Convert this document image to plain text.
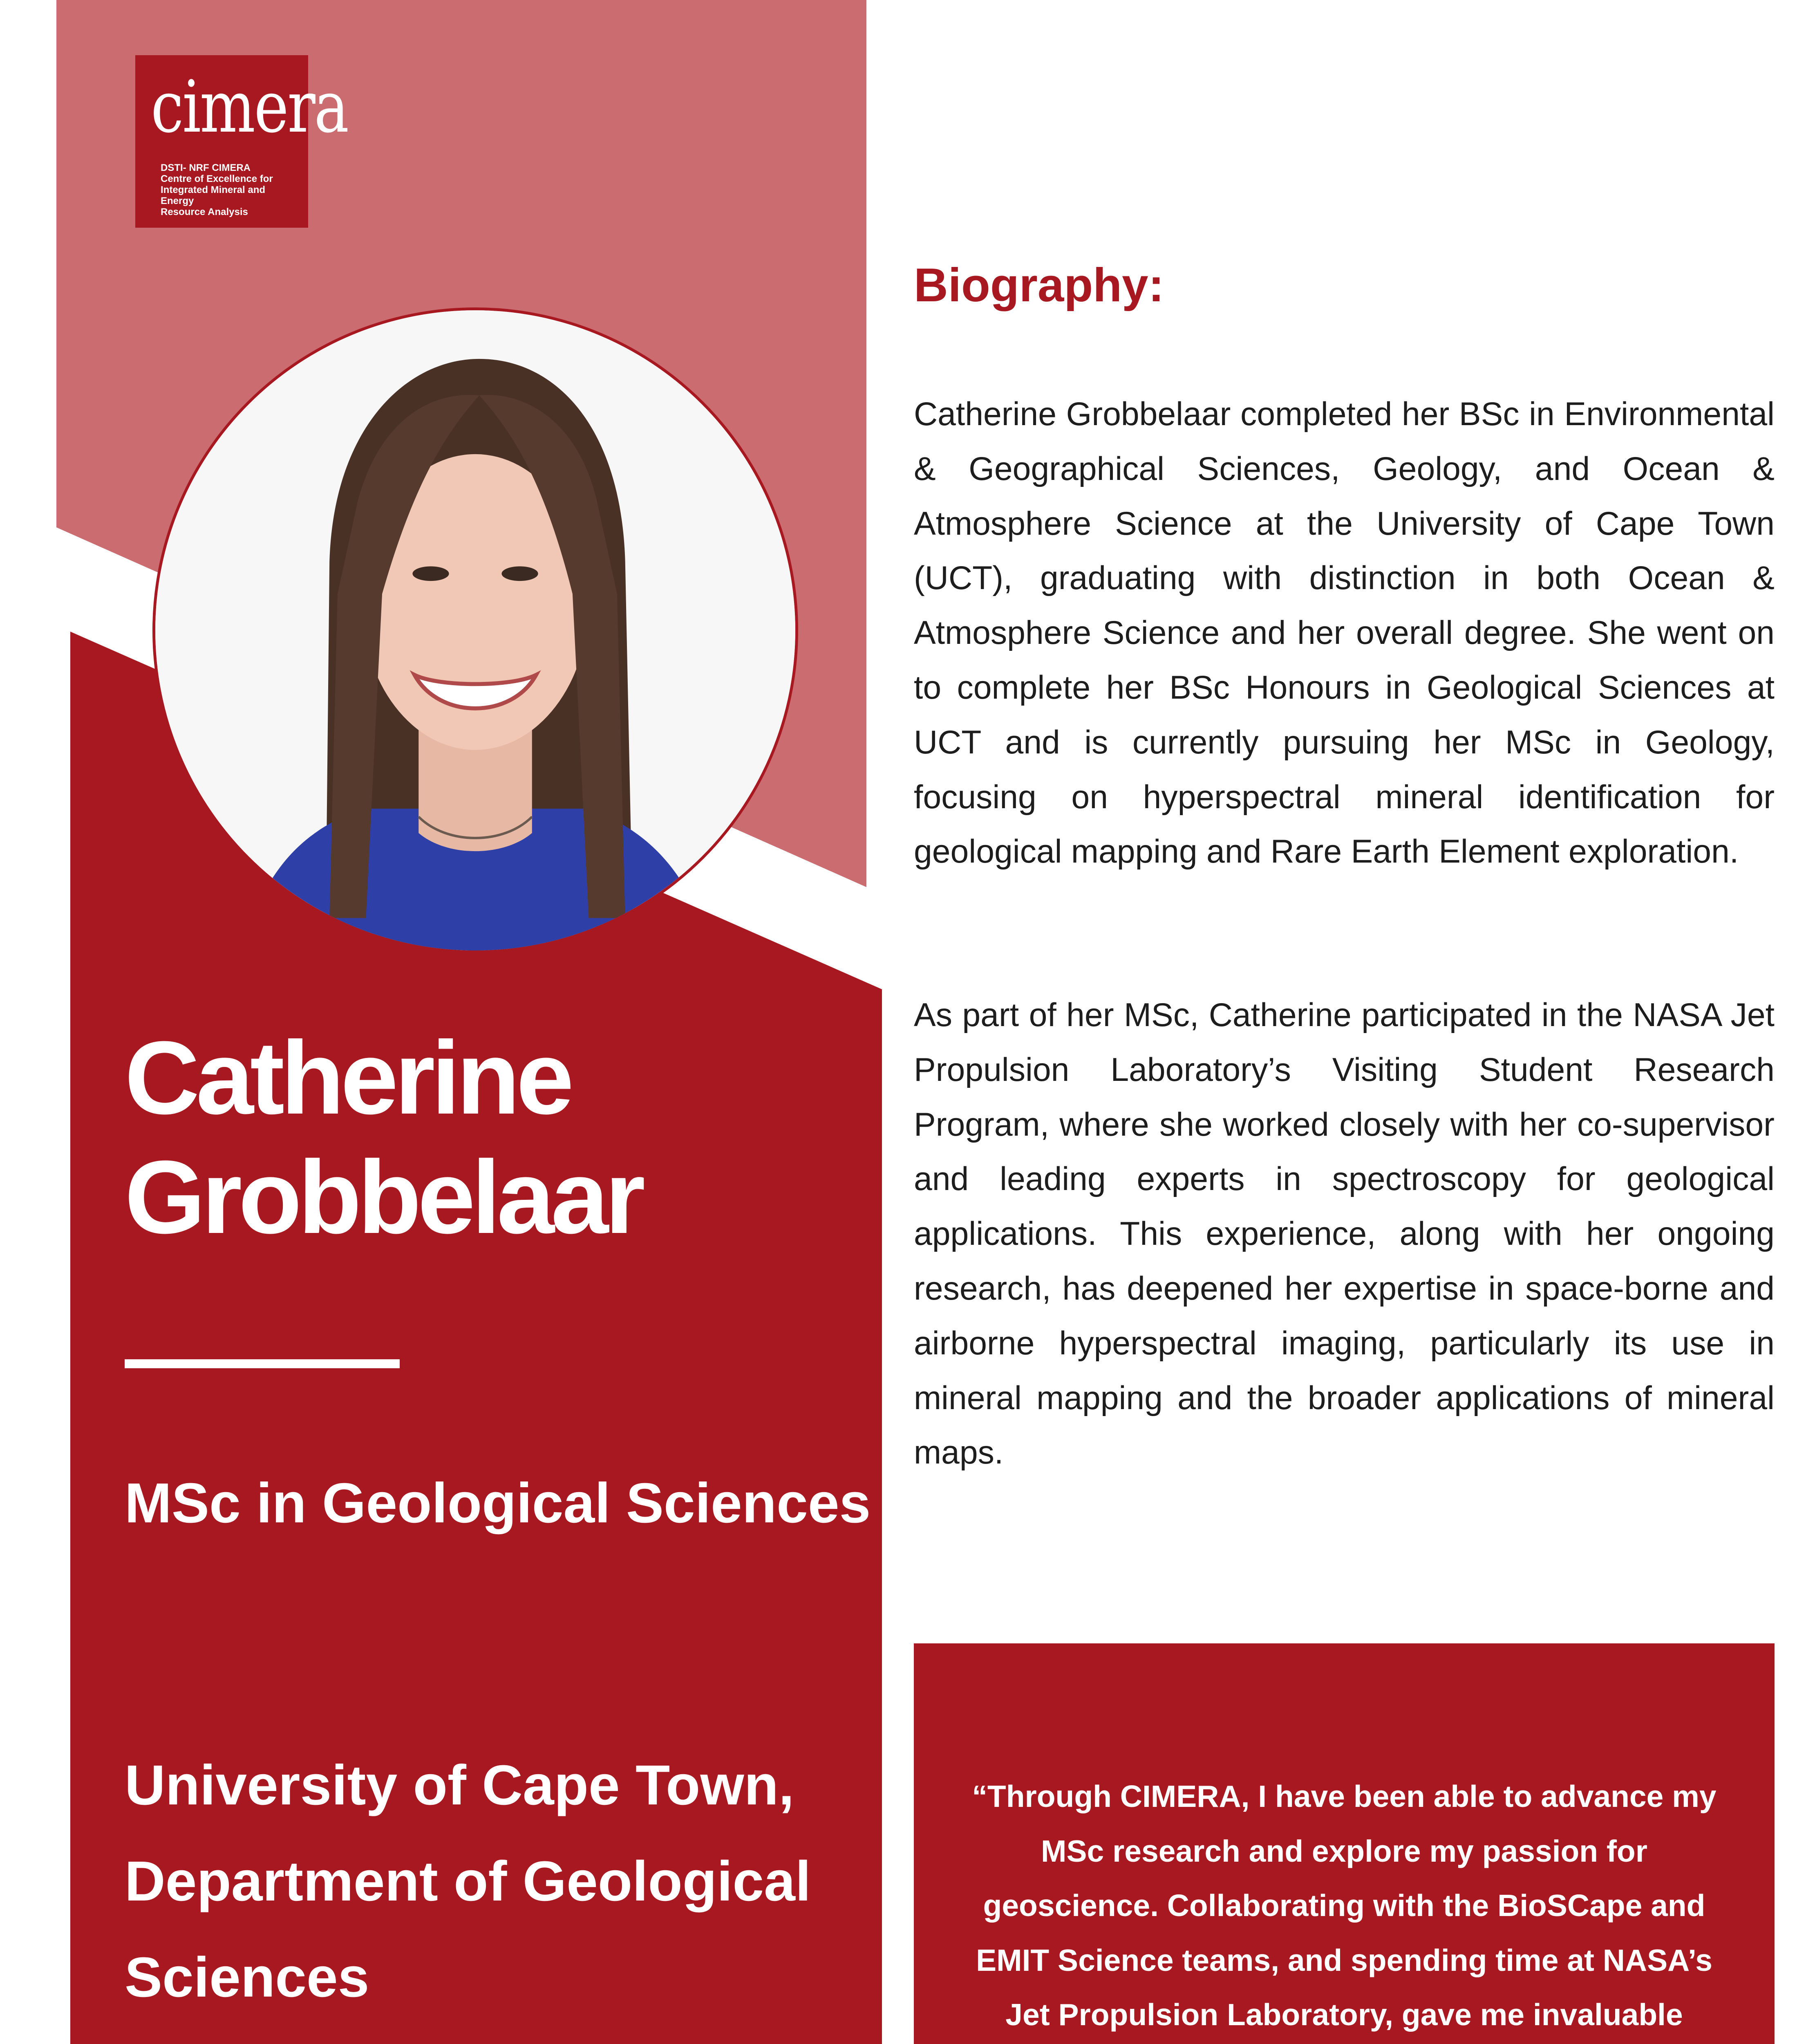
cimera
DSTI- NRF CIMERA
Centre of Excellence for
Integrated Mineral and Energy
Resource Analysis
Catherine
Grobbelaar
MSc in Geological Sciences
University of Cape Town, Department of Geological Sciences
Biography:
Catherine Grobbelaar completed her BSc in Environmental & Geographical Sciences, Geology, and Ocean & Atmosphere Science at the University of Cape Town (UCT), graduating with distinction in both Ocean & Atmosphere Science and her overall degree. She went on to complete her BSc Honours in Geological Sciences at UCT and is currently pursuing her MSc in Geology, focusing on hyperspectral mineral identification for geological mapping and Rare Earth Element exploration.
As part of her MSc, Catherine participated in the NASA Jet Propulsion Laboratory’s Visiting Student Research Program, where she worked closely with her co-supervisor and leading experts in spectroscopy for geological applications. This experience, along with her ongoing research, has deepened her expertise in space-borne and airborne hyperspectral imaging, particularly its use in mineral mapping and the broader applications of mineral maps.
“Through CIMERA, I have been able to advance my MSc research and explore my passion for geoscience. Collaborating with the BioSCape and EMIT Science teams, and spending time at NASA’s Jet Propulsion Laboratory, gave me invaluable
